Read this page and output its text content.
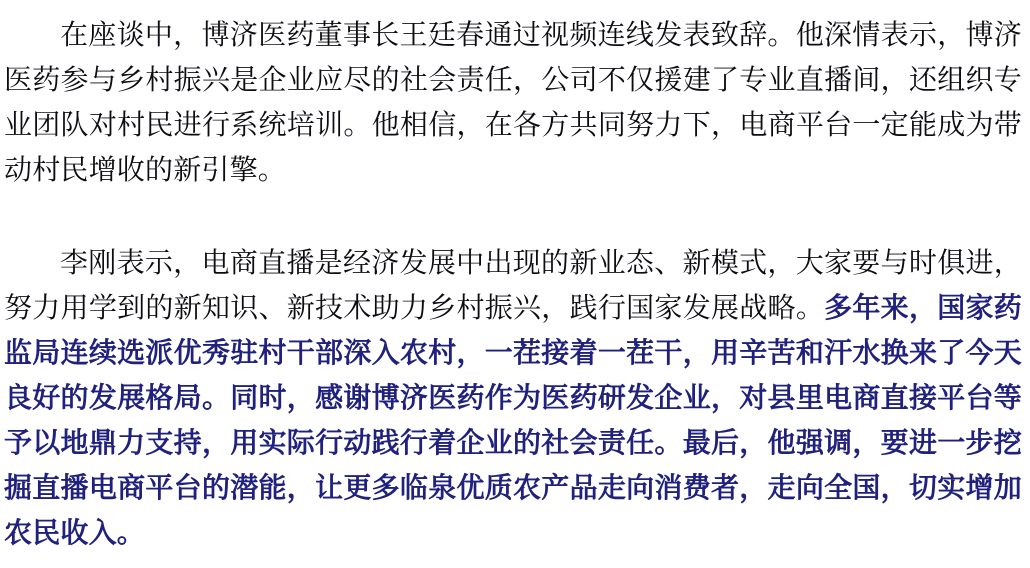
在座谈中，博济医药董事长王廷春通过视频连线发表致辞。他深情表示，博济医药参与乡村振兴是企业应尽的社会责任，公司不仅援建了专业直播间，还组织专业团队对村民进行系统培训。他相信，在各方共同努力下，电商平台一定能成为带动村民增收的新引擎。

李刚表示，电商直播是经济发展中出现的新业态、新模式，大家要与时俱进，努力用学到的新知识、新技术助力乡村振兴，践行国家发展战略。多年来，国家药监局连续选派优秀驻村干部深入农村，一茬接着一茬干，用辛苦和汗水换来了今天良好的发展格局。同时，感谢博济医药作为医药研发企业，对县里电商直接平台等予以地鼎力支持，用实际行动践行着企业的社会责任。最后，他强调，要进一步挖掘直播电商平台的潜能，让更多临泉优质农产品走向消费者，走向全国，切实增加农民收入。
